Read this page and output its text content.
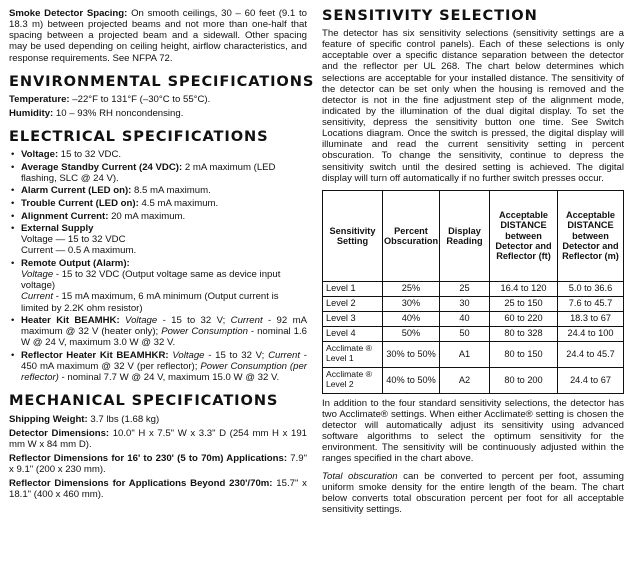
Smoke Detector Spacing: On smooth ceilings, 30 – 60 feet (9.1 to 18.3 m) between projected beams and not more than one-half that spacing between a projected beam and a sidewall. Other spacing may be used depending on ceiling height, airflow characteristics, and response requirements. See NFPA 72.

ENVIRONMENTAL SPECIFICATIONS

Temperature: –22°F to 131°F (–30°C to 55°C).

Humidity: 10 – 93% RH noncondensing.

ELECTRICAL SPECIFICATIONS
• Voltage: 15 to 32 VDC.
• Average Standby Current (24 VDC): 2 mA maximum (LED flashing, SLC @ 24 V).
• Alarm Current (LED on): 8.5 mA maximum.
• Trouble Current (LED on): 4.5 mA maximum.
• Alignment Current: 20 mA maximum.
• External Supply
Voltage — 15 to 32 VDC
Current — 0.5 A maximum.
• Remote Output (Alarm):
Voltage - 15 to 32 VDC (Output voltage same as device input voltage)
Current - 15 mA maximum, 6 mA minimum (Output current is limited by 2.2K ohm resistor)
• Heater Kit BEAMHK: Voltage - 15 to 32 V; Current - 92 mA maximum @ 32 V (heater only); Power Consumption - nominal 1.6 W @ 24 V, maximum 3.0 W @ 32 V.
• Reflector Heater Kit BEAMHKR: Voltage - 15 to 32 V; Current - 450 mA maximum @ 32 V (per reflector); Power Consumption (per reflector) - nominal 7.7 W @ 24 V, maximum 15.0 W @ 32 V.
MECHANICAL SPECIFICATIONS

Shipping Weight: 3.7 lbs (1.68 kg)

Detector Dimensions: 10.0" H x 7.5" W x 3.3" D (254 mm H x 191 mm W x 84 mm D).

Reflector Dimensions for 16' to 230' (5 to 70m) Applications: 7.9" x 9.1" (200 x 230 mm).

Reflector Dimensions for Applications Beyond 230'/70m: 15.7" x 18.1" (400 x 460 mm).

SENSITIVITY SELECTION

The detector has six sensitivity selections (sensitivity settings are a feature of specific control panels). Each of these selections is only acceptable over a specific distance separation between the detector and the reflector per UL 268. The chart below determines which selections are acceptable for your installed distance. The sensitivity of the detector can be set only when the housing is removed and the detector is not in the fine adjustment step of the alignment mode, indicated by the illumination of the dual digital display. To set the sensitivity, depress the sensitivity button one time. See Switch Locations diagram. Once the switch is pressed, the digital display will illuminate and read the current sensitivity setting in percent obscuration. To change the sensitivity, continue to depress the sensitivity switch until the desired setting is achieved. The digital display will turn off automatically if no further switch presses occur.

Sensitivity Setting	Percent Obscuration	Display Reading	Acceptable DISTANCE between Detector and Reflector (ft)	Acceptable DISTANCE between Detector and Reflector (m)
Level 1	25%	25	16.4 to 120	5.0 to 36.6
Level 2	30%	30	25 to 150	7.6 to 45.7
Level 3	40%	40	60 to 220	18.3 to 67
Level 4	50%	50	80 to 328	24.4 to 100
Acclimate ® Level 1	30% to 50%	A1	80 to 150	24.4 to 45.7
Acclimate ® Level 2	40% to 50%	A2	80 to 200	24.4 to 67

In addition to the four standard sensitivity selections, the detector has two Acclimate® settings. When either Acclimate® setting is chosen the detector will automatically adjust its sensitivity using advanced software algorithms to select the optimum sensitivity for the environment. The sensitivity will be continuously adjusted within the ranges specified in the chart above.

Total obscuration can be converted to percent per foot, assuming uniform smoke density for the entire length of the beam. The chart below converts total obscuration percent per foot for all acceptable sensitivity settings.
